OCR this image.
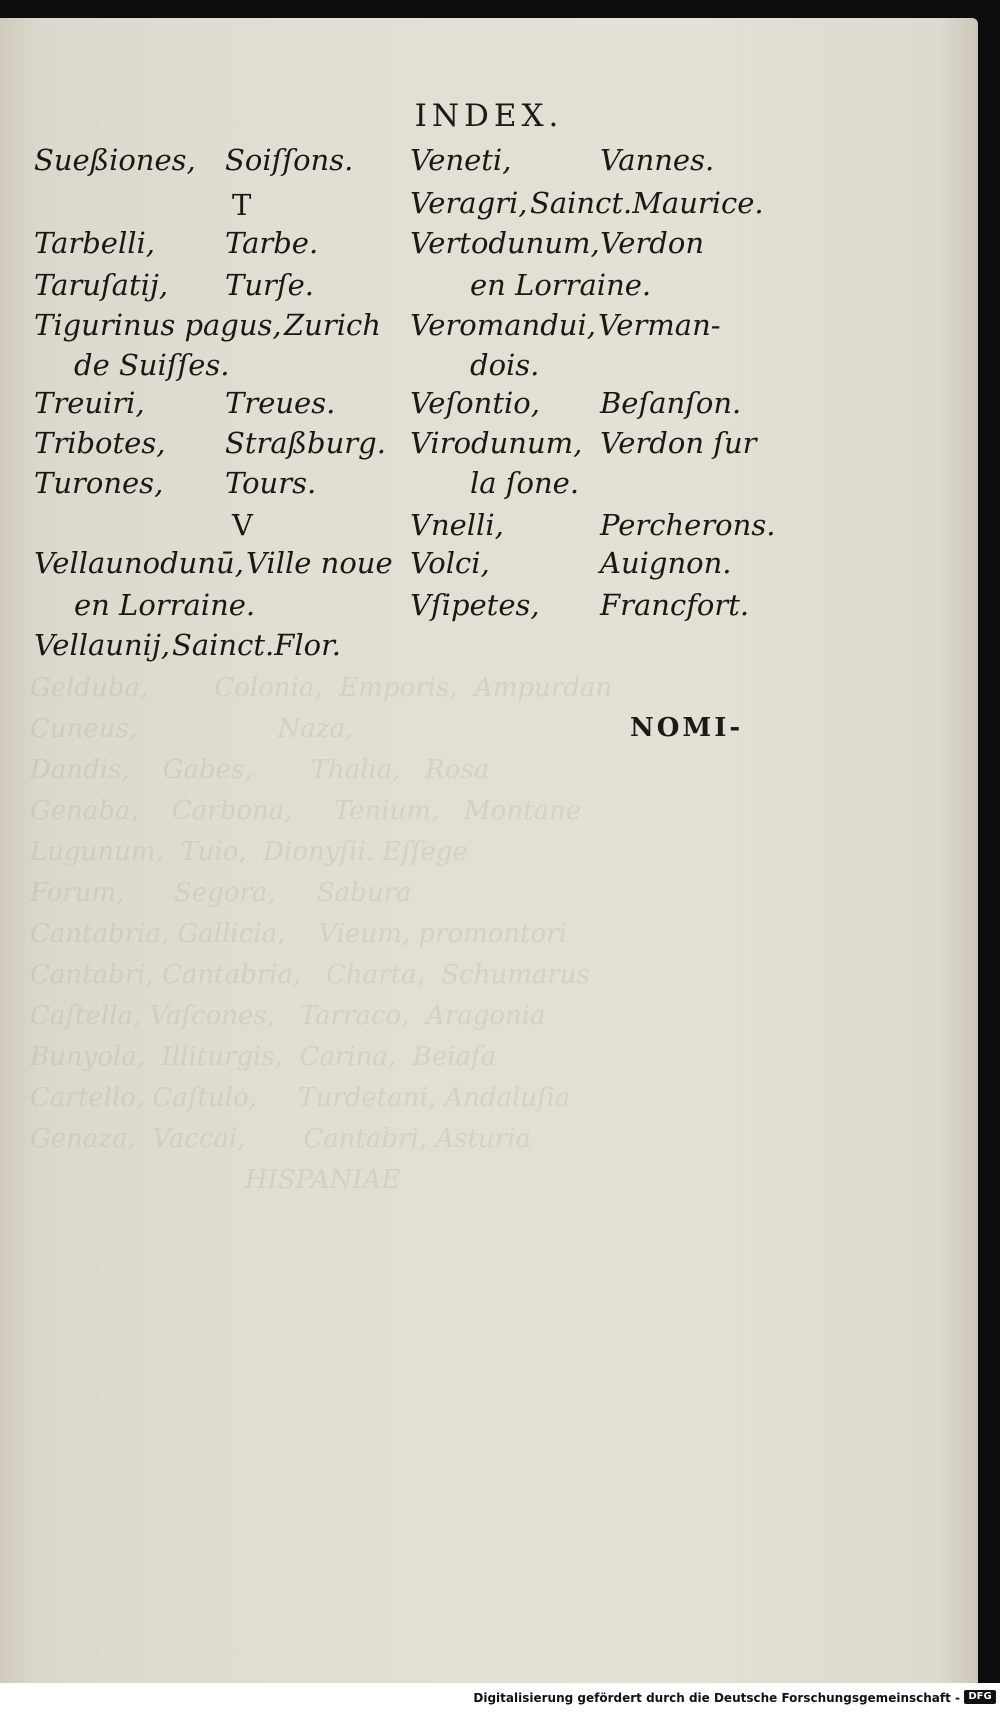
Gelduba,        Colonia,  Emporis,  Ampurdan
Cuneus,                 Naza,
Dandis,    Gabes,       Thalia,   Rosa
Genaba,    Carbona,     Tenium,   Montane
Lugunum,  Tuio,  Dionyſii. Eſſege
Forum,      Segora,     Sabura
Cantabria, Gallicia,    Vieum, promontori
Cantabri, Cantabria,   Charta,  Schumarus
Caſtella, Vaſcones,   Tarraco,  Aragonia
Bunyola,  Illiturgis,  Carina,  Beiaſa
Cartello, Caſtulo,     Turdetani, Andaluſia
Genaza,  Vaccai,       Cantabri, Asturia
HISPANIAE
INDEX.
Sueßiones, Soiſſons.
T
Tarbelli, Tarbe.
Taruſatij, Turſe.
Tigurinus pagus, Zurich
de Suiſſes.
Treuiri,	Treues.
Tribotes, Straßburg.
Turones, Tours.
V
Vellaunodunū, Ville noue
en Lorraine.
Vellaunij, Sainct.Flor.
Veneti,	Vannes.
Veragri, Sainct.Maurice.
Vertodunum, Verdon
en Lorraine.
Veromandui, Verman-
dois.
Veſontio, Beſanſon.
Virodunum, Verdon ſur
la ſone.
Vnelli,	Percherons.
Volci,	Auignon.
Vſipetes, Francfort.
NOMI-
Digitalisierung gefördert durch die Deutsche Forschungsgemeinschaft - DFG
